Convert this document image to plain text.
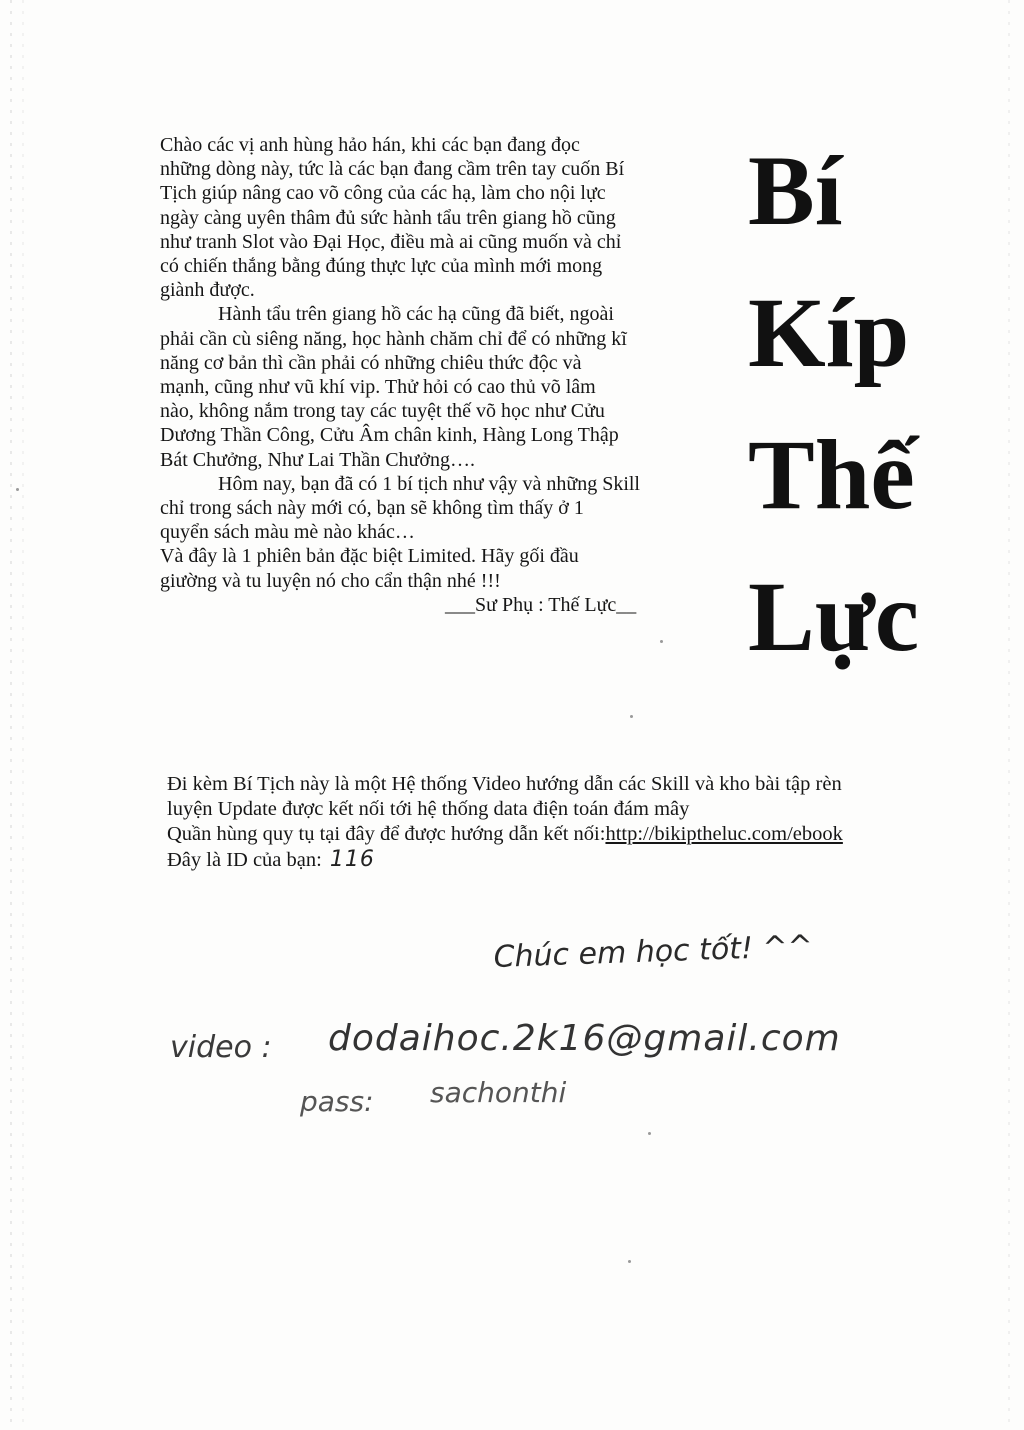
Chào các vị anh hùng hảo hán, khi các bạn đang đọc
những dòng này, tức là các bạn đang cầm trên tay cuốn Bí
Tịch giúp nâng cao võ công của các hạ, làm cho nội lực
ngày càng uyên thâm đủ sức hành tẩu trên giang hồ cũng
như tranh Slot vào Đại Học, điều mà ai cũng muốn và chỉ
có chiến thắng bằng đúng thực lực của mình mới mong
giành được.
Hành tẩu trên giang hồ các hạ cũng đã biết, ngoài
phải cần cù siêng năng, học hành chăm chỉ để có những kĩ
năng cơ bản thì cần phải có những chiêu thức độc và
mạnh, cũng như vũ khí vip. Thử hỏi có cao thủ võ lâm
nào, không nắm trong tay các tuyệt thế võ học như Cửu
Dương Thần Công, Cửu Âm chân kinh, Hàng Long Thập
Bát Chưởng, Như Lai Thần Chưởng….
Hôm nay, bạn đã có 1 bí tịch như vậy và những Skill
chỉ trong sách này mới có, bạn sẽ không tìm thấy ở 1
quyển sách màu mè nào khác…
Và đây là 1 phiên bản đặc biệt Limited. Hãy gối đầu
giường và tu luyện nó cho cẩn thận nhé !!!
___Sư Phụ : Thế Lực__
Bí
Kíp
Thế
Lực
Đi kèm Bí Tịch này là một Hệ thống Video hướng dẫn các Skill và kho bài tập rèn
luyện Update được kết nối tới hệ thống data điện toán đám mây
Quần hùng quy tụ tại đây để được hướng dẫn kết nối:http://bikiptheluc.com/ebook
Đây là ID của bạn: 116
Chúc em học tốt! ^^
video : dodaihoc.2k16@gmail.com
pass: sachonthi
